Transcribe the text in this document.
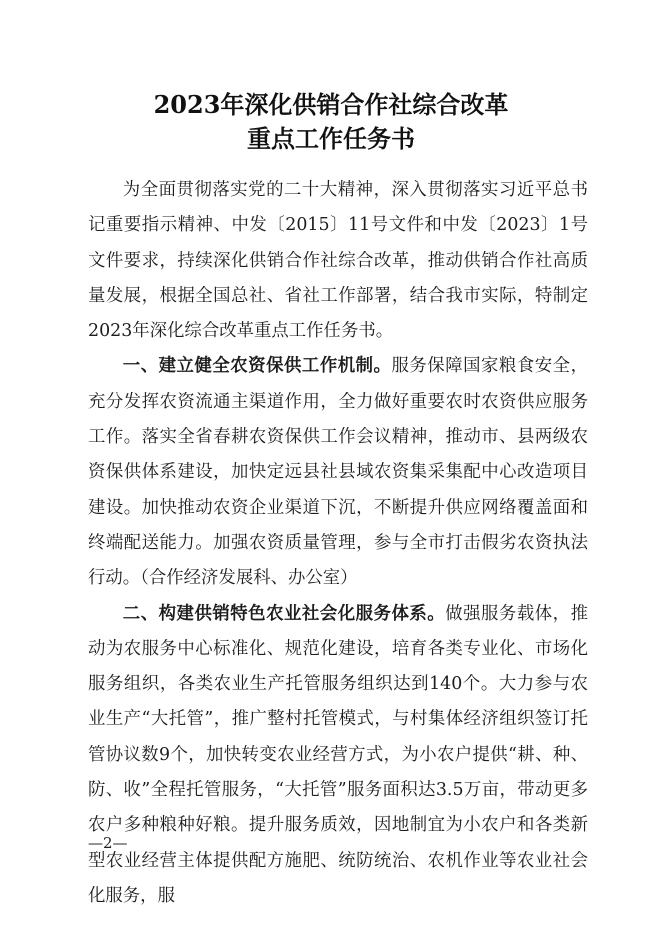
2023年深化供销合作社综合改革
重点工作任务书

为全面贯彻落实党的二十大精神，深入贯彻落实习近平总书记重要指示精神、中发〔2015〕11号文件和中发〔2023〕1号文件要求，持续深化供销合作社综合改革，推动供销合作社高质量发展，根据全国总社、省社工作部署，结合我市实际，特制定2023年深化综合改革重点工作任务书。

一、建立健全农资保供工作机制。服务保障国家粮食安全，充分发挥农资流通主渠道作用，全力做好重要农时农资供应服务工作。落实全省春耕农资保供工作会议精神，推动市、县两级农资保供体系建设，加快定远县社县域农资集采集配中心改造项目建设。加快推动农资企业渠道下沉，不断提升供应网络覆盖面和终端配送能力。加强农资质量管理，参与全市打击假劣农资执法行动。（合作经济发展科、办公室）

二、构建供销特色农业社会化服务体系。做强服务载体，推动为农服务中心标准化、规范化建设，培育各类专业化、市场化服务组织，各类农业生产托管服务组织达到140个。大力参与农业生产“大托管”，推广整村托管模式，与村集体经济组织签订托管协议数9个，加快转变农业经营方式，为小农户提供“耕、种、防、收”全程托管服务，“大托管”服务面积达3.5万亩，带动更多农户多种粮种好粮。提升服务质效，因地制宜为小农户和各类新型农业经营主体提供配方施肥、统防统治、农机作业等农业社会化服务，服

—2—
